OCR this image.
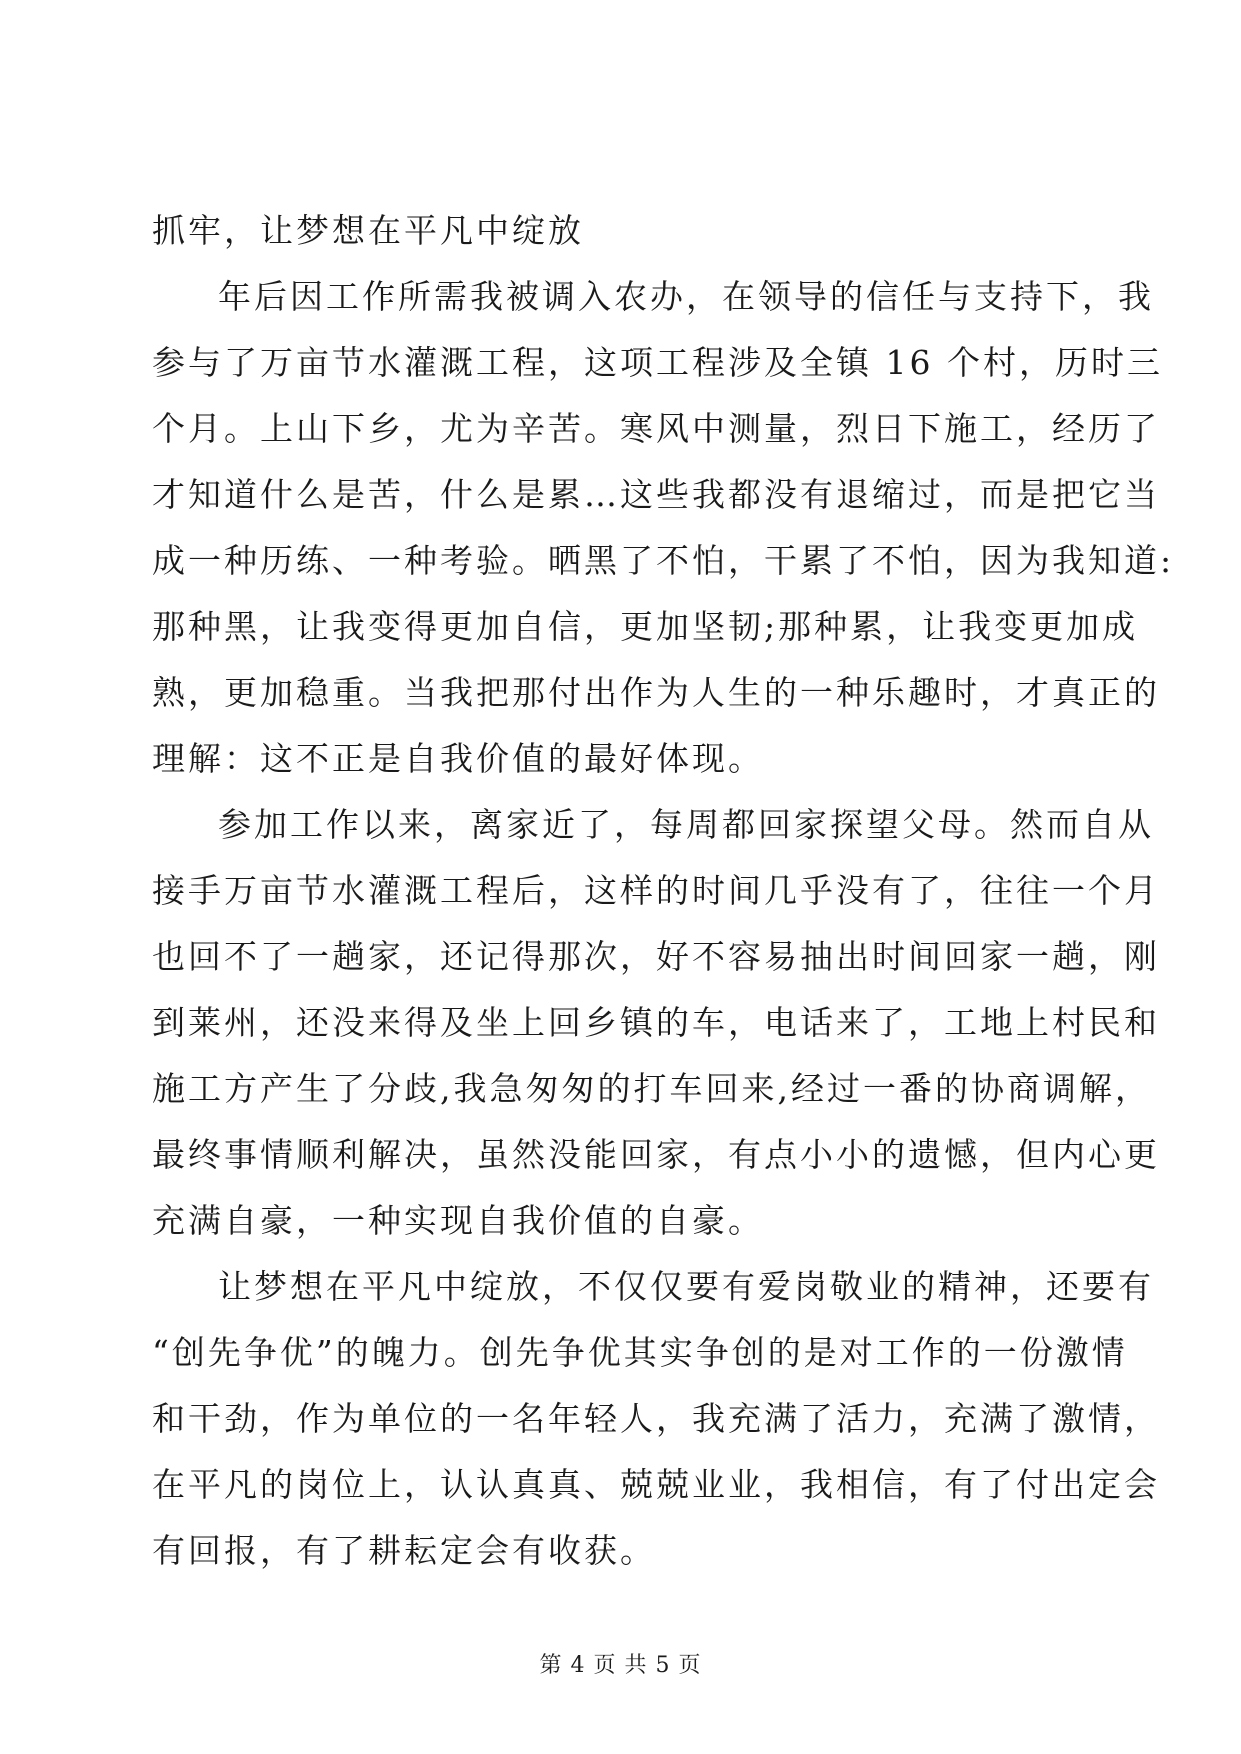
抓牢，让梦想在平凡中绽放
年后因工作所需我被调入农办，在领导的信任与支持下，我
参与了万亩节水灌溉工程，这项工程涉及全镇 16 个村，历时三
个月。上山下乡，尤为辛苦。寒风中测量，烈日下施工，经历了
才知道什么是苦，什么是累…这些我都没有退缩过，而是把它当
成一种历练、一种考验。晒黑了不怕，干累了不怕，因为我知道:
那种黑，让我变得更加自信，更加坚韧;那种累，让我变更加成
熟，更加稳重。当我把那付出作为人生的一种乐趣时，才真正的
理解：这不正是自我价值的最好体现。
参加工作以来，离家近了，每周都回家探望父母。然而自从
接手万亩节水灌溉工程后，这样的时间几乎没有了，往往一个月
也回不了一趟家，还记得那次，好不容易抽出时间回家一趟，刚
到莱州，还没来得及坐上回乡镇的车，电话来了，工地上村民和
施工方产生了分歧,我急匆匆的打车回来,经过一番的协商调解，
最终事情顺利解决，虽然没能回家，有点小小的遗憾，但内心更
充满自豪，一种实现自我价值的自豪。
让梦想在平凡中绽放，不仅仅要有爱岗敬业的精神，还要有
“创先争优”的魄力。创先争优其实争创的是对工作的一份激情
和干劲，作为单位的一名年轻人，我充满了活力，充满了激情，
在平凡的岗位上，认认真真、兢兢业业，我相信，有了付出定会
有回报，有了耕耘定会有收获。
第 4 页 共 5 页
